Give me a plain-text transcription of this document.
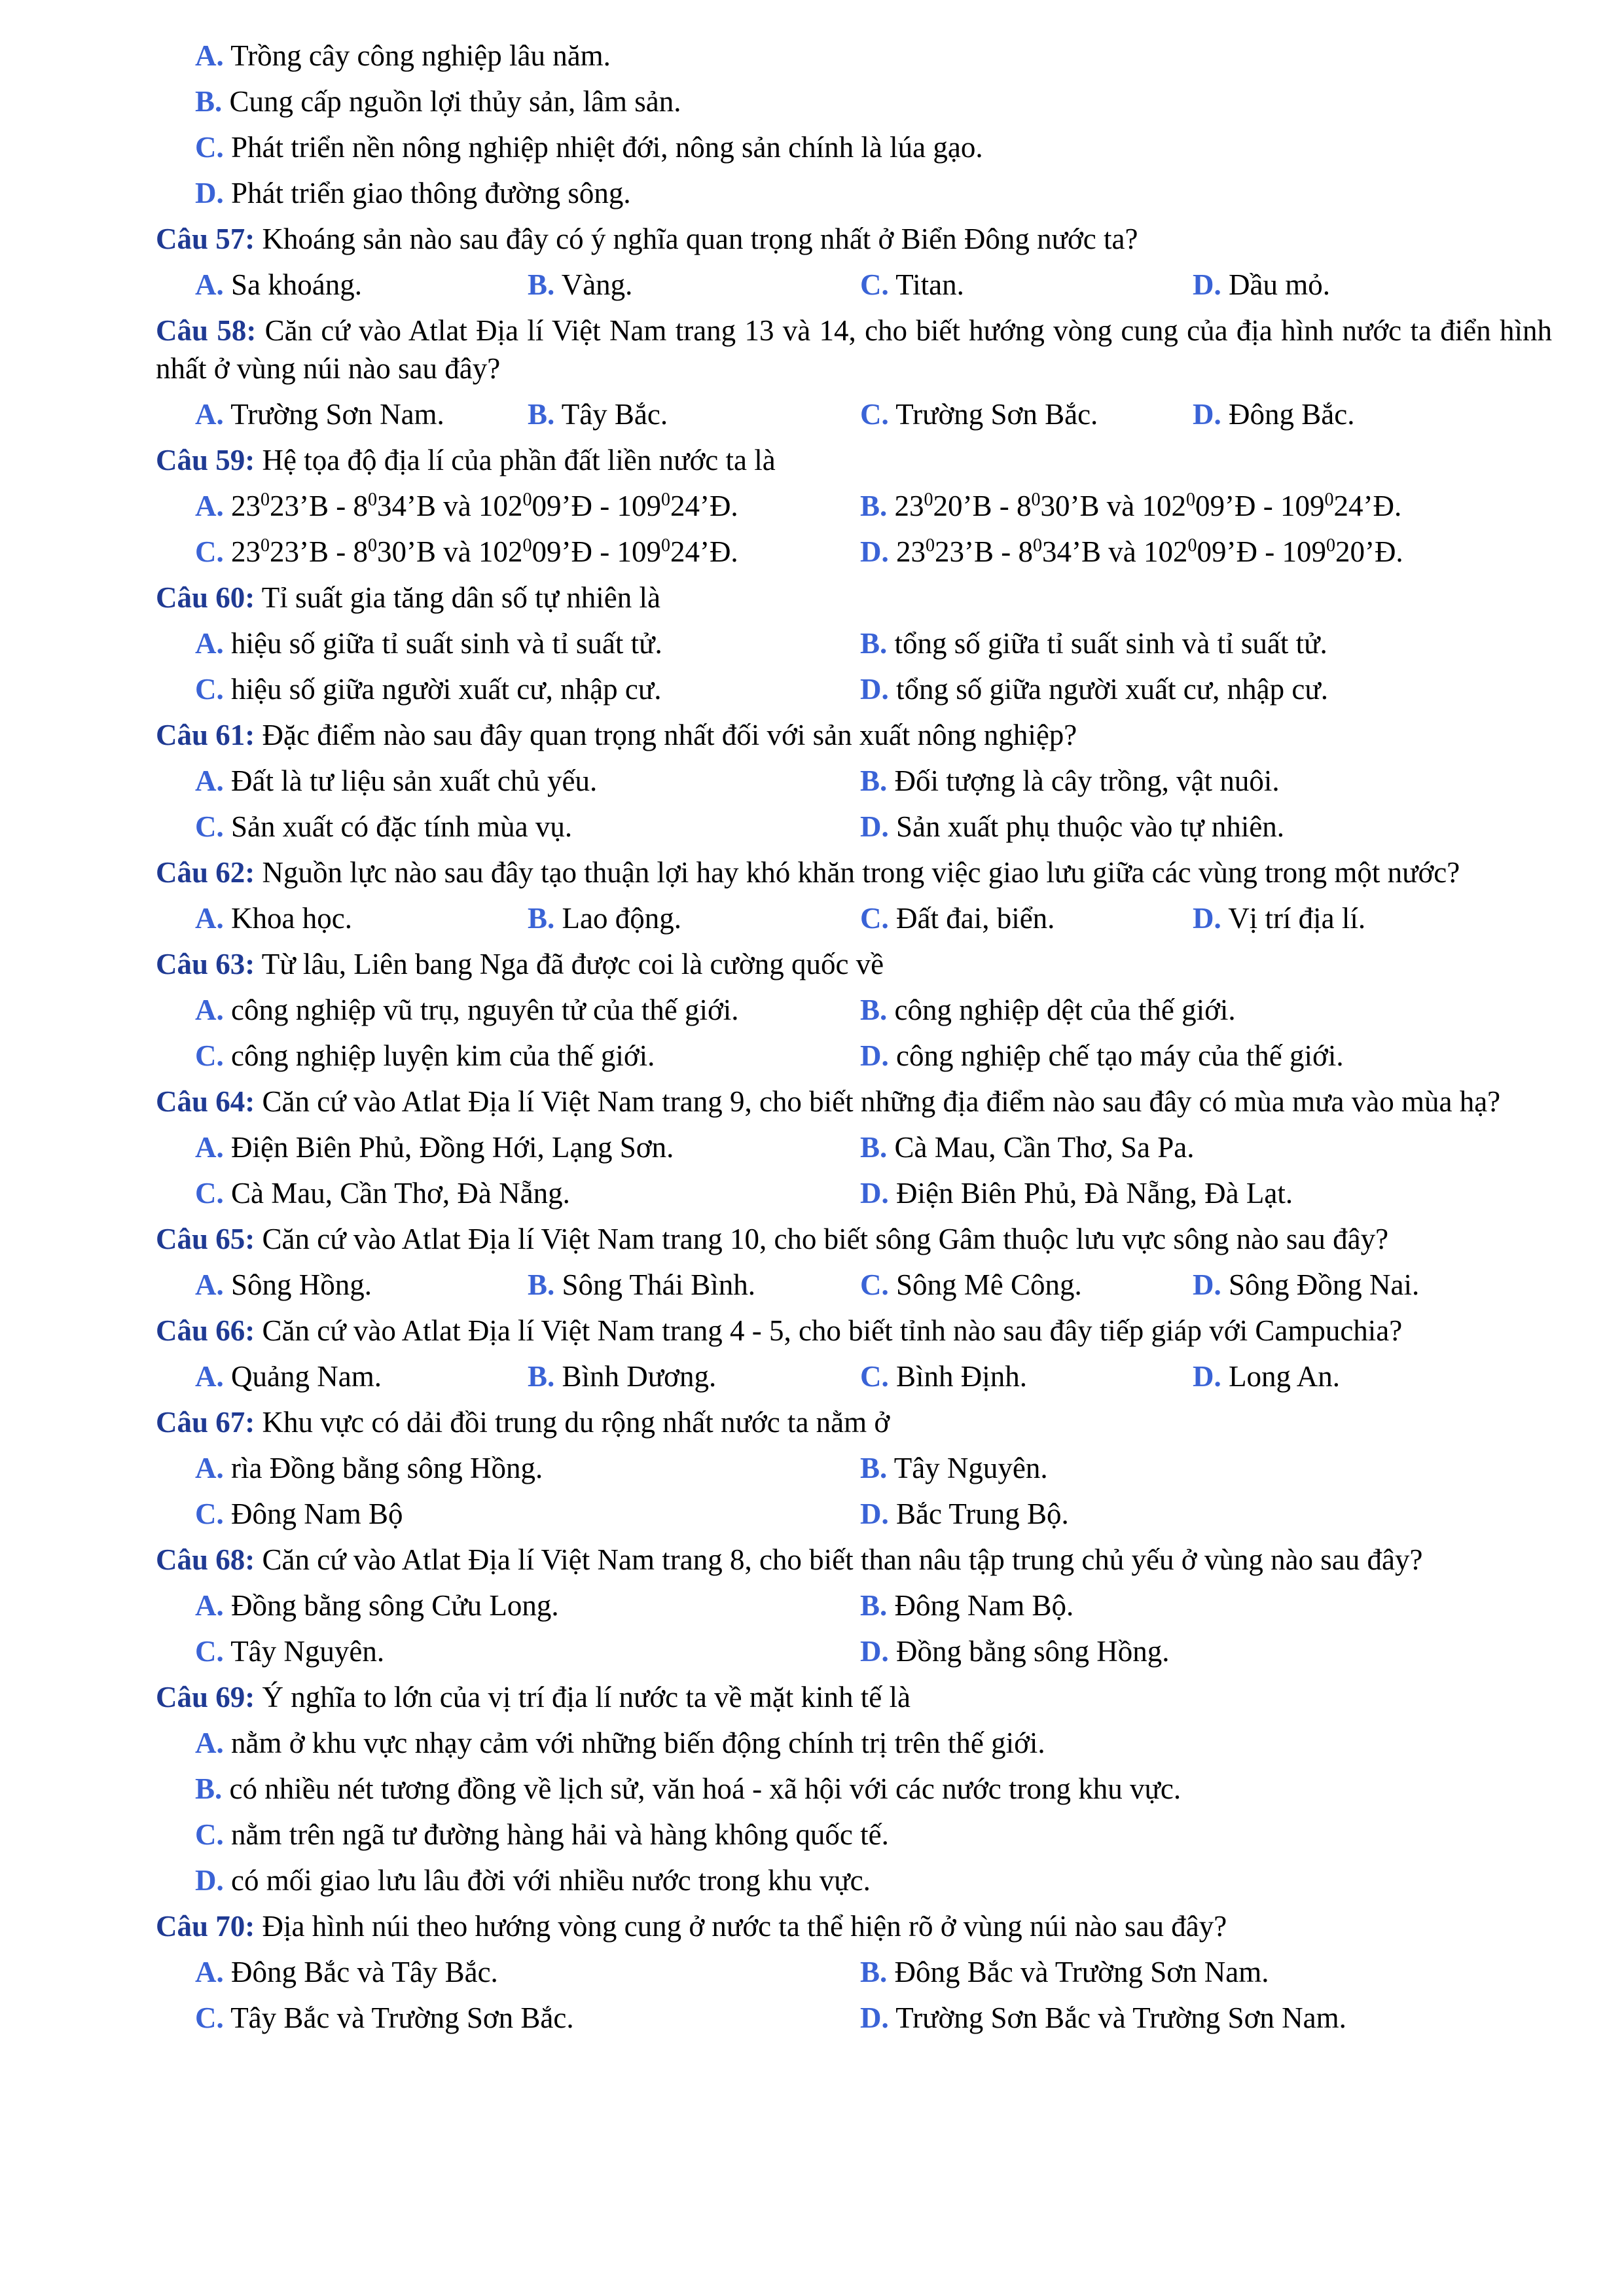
A. Trồng cây công nghiệp lâu năm.
B. Cung cấp nguồn lợi thủy sản, lâm sản.
C. Phát triển nền nông nghiệp nhiệt đới, nông sản chính là lúa gạo.
D. Phát triển giao thông đường sông.
Câu 57: Khoáng sản nào sau đây có ý nghĩa quan trọng nhất ở Biển Đông nước ta?
A. Sa khoáng.	B. Vàng.	C. Titan.	D. Dầu mỏ.
Câu 58: Căn cứ vào Atlat Địa lí Việt Nam trang 13 và 14, cho biết hướng vòng cung của địa hình nước ta điển hình nhất ở vùng núi nào sau đây?
A. Trường Sơn Nam.	B. Tây Bắc.	C. Trường Sơn Bắc.	D. Đông Bắc.
Câu 59: Hệ tọa độ địa lí của phần đất liền nước ta là
A. $23^023’B$ - $8^034’B$ và $102^009’Đ$ - $109^024’Đ$.	B. $23^020’B$ - $8^030’B$ và $102^009’Đ$ - $109^024’Đ$.
C. $23^023’B$ - $8^030’B$ và $102^009’Đ$ - $109^024’Đ$.	D. $23^023’B$ - $8^034’B$ và $102^009’Đ$ - $109^020’Đ$.
Câu 60: Tỉ suất gia tăng dân số tự nhiên là
A. hiệu số giữa tỉ suất sinh và tỉ suất tử.	B. tổng số giữa tỉ suất sinh và tỉ suất tử.
C. hiệu số giữa người xuất cư, nhập cư.	D. tổng số giữa người xuất cư, nhập cư.
Câu 61: Đặc điểm nào sau đây quan trọng nhất đối với sản xuất nông nghiệp?
A. Đất là tư liệu sản xuất chủ yếu.	B. Đối tượng là cây trồng, vật nuôi.
C. Sản xuất có đặc tính mùa vụ.	D. Sản xuất phụ thuộc vào tự nhiên.
Câu 62: Nguồn lực nào sau đây tạo thuận lợi hay khó khăn trong việc giao lưu giữa các vùng trong một nước?
A. Khoa học.	B. Lao động.	C. Đất đai, biển.	D. Vị trí địa lí.
Câu 63: Từ lâu, Liên bang Nga đã được coi là cường quốc về
A. công nghiệp vũ trụ, nguyên tử của thế giới.	B. công nghiệp dệt của thế giới.
C. công nghiệp luyện kim của thế giới.	D. công nghiệp chế tạo máy của thế giới.
Câu 64: Căn cứ vào Atlat Địa lí Việt Nam trang 9, cho biết những địa điểm nào sau đây có mùa mưa vào mùa hạ?
A. Điện Biên Phủ, Đồng Hới, Lạng Sơn.	B. Cà Mau, Cần Thơ, Sa Pa.
C. Cà Mau, Cần Thơ, Đà Nẵng.	D. Điện Biên Phủ, Đà Nẵng, Đà Lạt.
Câu 65: Căn cứ vào Atlat Địa lí Việt Nam trang 10, cho biết sông Gâm thuộc lưu vực sông nào sau đây?
A. Sông Hồng.	B. Sông Thái Bình.	C. Sông Mê Công.	D. Sông Đồng Nai.
Câu 66: Căn cứ vào Atlat Địa lí Việt Nam trang 4 - 5, cho biết tỉnh nào sau đây tiếp giáp với Campuchia?
A. Quảng Nam.	B. Bình Dương.	C. Bình Định.	D. Long An.
Câu 67: Khu vực có dải đồi trung du rộng nhất nước ta nằm ở
A. rìa Đồng bằng sông Hồng.	B. Tây Nguyên.
C. Đông Nam Bộ	D. Bắc Trung Bộ.
Câu 68: Căn cứ vào Atlat Địa lí Việt Nam trang 8, cho biết than nâu tập trung chủ yếu ở vùng nào sau đây?
A. Đồng bằng sông Cửu Long.	B. Đông Nam Bộ.
C. Tây Nguyên.	D. Đồng bằng sông Hồng.
Câu 69: Ý nghĩa to lớn của vị trí địa lí nước ta về mặt kinh tế là
A. nằm ở khu vực nhạy cảm với những biến động chính trị trên thế giới.
B. có nhiều nét tương đồng về lịch sử, văn hoá - xã hội với các nước trong khu vực.
C. nằm trên ngã tư đường hàng hải và hàng không quốc tế.
D. có mối giao lưu lâu đời với nhiều nước trong khu vực.
Câu 70: Địa hình núi theo hướng vòng cung ở nước ta thể hiện rõ ở vùng núi nào sau đây?
A. Đông Bắc và Tây Bắc.	B. Đông Bắc và Trường Sơn Nam.
C. Tây Bắc và Trường Sơn Bắc.	D. Trường Sơn Bắc và Trường Sơn Nam.
